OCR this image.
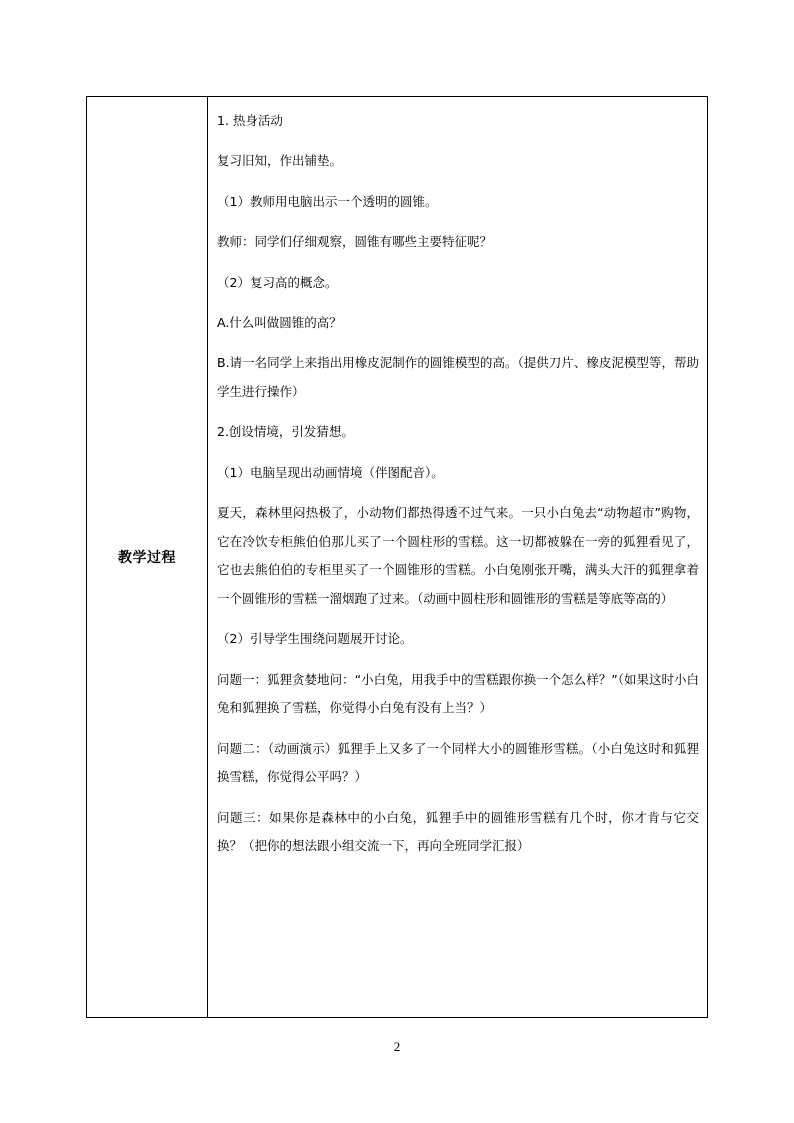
教学过程

1. 热身活动

复习旧知，作出铺垫。

（1）教师用电脑出示一个透明的圆锥。

教师：同学们仔细观察，圆锥有哪些主要特征呢？

（2）复习高的概念。

A.什么叫做圆锥的高？

B.请一名同学上来指出用橡皮泥制作的圆锥模型的高。（提供刀片、橡皮泥模型等，帮助学生进行操作）

2.创设情境，引发猜想。

（1）电脑呈现出动画情境（伴图配音）。

夏天，森林里闷热极了，小动物们都热得透不过气来。一只小白兔去“动物超市”购物，它在冷饮专柜熊伯伯那儿买了一个圆柱形的雪糕。这一切都被躲在一旁的狐狸看见了，它也去熊伯伯的专柜里买了一个圆锥形的雪糕。小白兔刚张开嘴，满头大汗的狐狸拿着一个圆锥形的雪糕一溜烟跑了过来。（动画中圆柱形和圆锥形的雪糕是等底等高的）

（2）引导学生围绕问题展开讨论。

问题一：狐狸贪婪地问：“小白兔，用我手中的雪糕跟你换一个怎么样？”（如果这时小白兔和狐狸换了雪糕，你觉得小白兔有没有上当？）

问题二：（动画演示）狐狸手上又多了一个同样大小的圆锥形雪糕。（小白兔这时和狐狸换雪糕，你觉得公平吗？）

问题三：如果你是森林中的小白兔，狐狸手中的圆锥形雪糕有几个时，你才肯与它交换？（把你的想法跟小组交流一下，再向全班同学汇报）

2
